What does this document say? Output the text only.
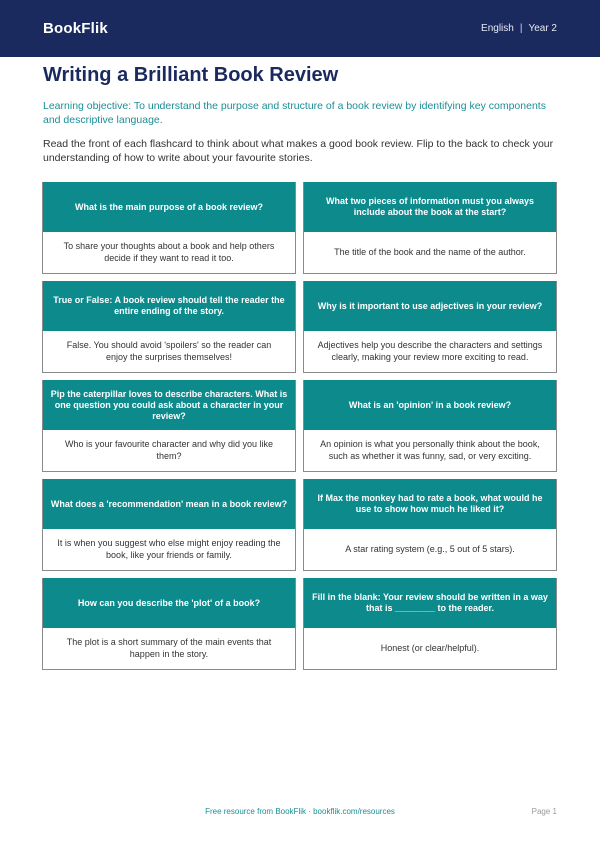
BookFlik	English | Year 2
Writing a Brilliant Book Review

Learning objective: To understand the purpose and structure of a book review by identifying key components and descriptive language.

Read the front of each flashcard to think about what makes a good book review. Flip to the back to check your understanding of how to write about your favourite stories.

What is the main purpose of a book review?
To share your thoughts about a book and help others decide if they want to read it too.
What two pieces of information must you always include about the book at the start?
The title of the book and the name of the author.
True or False: A book review should tell the reader the entire ending of the story.
False. You should avoid 'spoilers' so the reader can enjoy the surprises themselves!
Why is it important to use adjectives in your review?
Adjectives help you describe the characters and settings clearly, making your review more exciting to read.
Pip the caterpillar loves to describe characters. What is one question you could ask about a character in your review?
Who is your favourite character and why did you like them?
What is an 'opinion' in a book review?
An opinion is what you personally think about the book, such as whether it was funny, sad, or very exciting.
What does a 'recommendation' mean in a book review?
It is when you suggest who else might enjoy reading the book, like your friends or family.
If Max the monkey had to rate a book, what would he use to show how much he liked it?
A star rating system (e.g., 5 out of 5 stars).
How can you describe the 'plot' of a book?
The plot is a short summary of the main events that happen in the story.
Fill in the blank: Your review should be written in a way that is ________ to the reader.
Honest (or clear/helpful).
Free resource from BookFlik · bookflik.com/resources	Page 1
